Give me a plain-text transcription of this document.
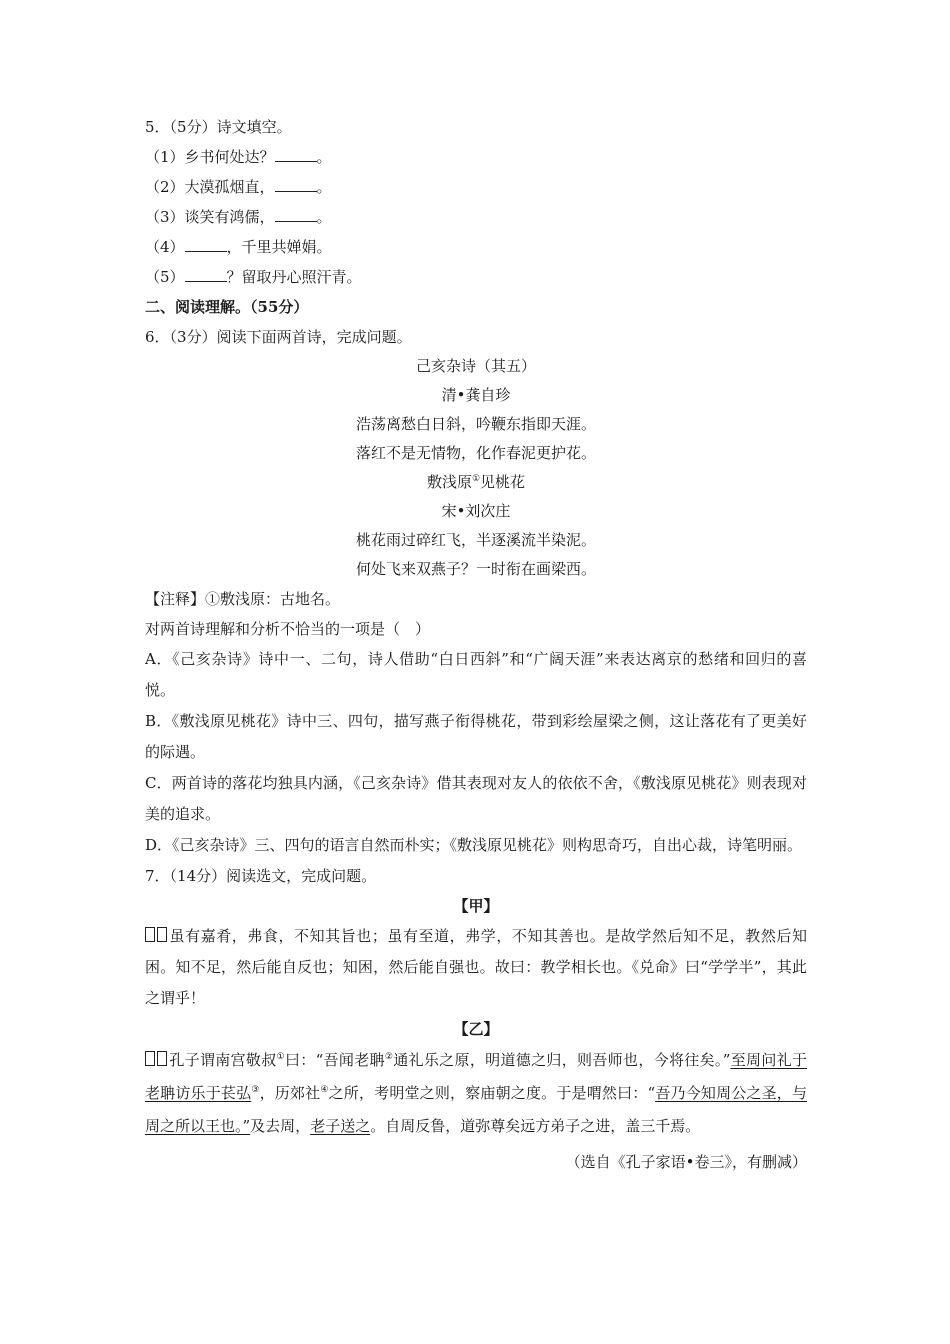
5．（5分）诗文填空。
（1）乡书何处达？	。
（2）大漠孤烟直，	。
（3）谈笑有鸿儒，	。
（4）	，千里共婵娟。
（5）	？留取丹心照汗青。
二、阅读理解。（55分）
6．（3分）阅读下面两首诗，完成问题。
己亥杂诗（其五）
清•龚自珍
浩荡离愁白日斜，吟鞭东指即天涯。
落红不是无情物，化作春泥更护花。
敷浅原①见桃花
宋•刘次庄
桃花雨过碎红飞，半逐溪流半染泥。
何处飞来双燕子？一时衔在画梁西。
【注释】①敷浅原：古地名。
对两首诗理解和分析不恰当的一项是（　）
A．《己亥杂诗》诗中一、二句，诗人借助“白日西斜”和“广阔天涯”来表达离京的愁绪和回归的喜悦。
B．《敷浅原见桃花》诗中三、四句，描写燕子衔得桃花，带到彩绘屋梁之侧，这让落花有了更美好的际遇。
C．两首诗的落花均独具内涵，《己亥杂诗》借其表现对友人的依依不舍，《敷浅原见桃花》则表现对美的追求。
D．《己亥杂诗》三、四句的语言自然而朴实；《敷浅原见桃花》则构思奇巧，自出心裁，诗笔明丽。
7．（14分）阅读选文，完成问题。
【甲】
虽有嘉肴，弗食，不知其旨也；虽有至道，弗学，不知其善也。是故学然后知不足，教然后知困。知不足，然后能自反也；知困，然后能自强也。故曰：教学相长也。《兑命》曰“学学半”，其此之谓乎！
【乙】
孔子谓南宫敬叔①曰：“吾闻老聃②通礼乐之原，明道德之归，则吾师也，今将往矣。”至周问礼于老聃访乐于苌弘③，历郊社④之所，考明堂之则，察庙朝之度。于是喟然曰：“吾乃今知周公之圣，与周之所以王也。”及去周，老子送之。自周反鲁，道弥尊矣远方弟子之进，盖三千焉。
（选自《孔子家语•卷三》，有删减）
